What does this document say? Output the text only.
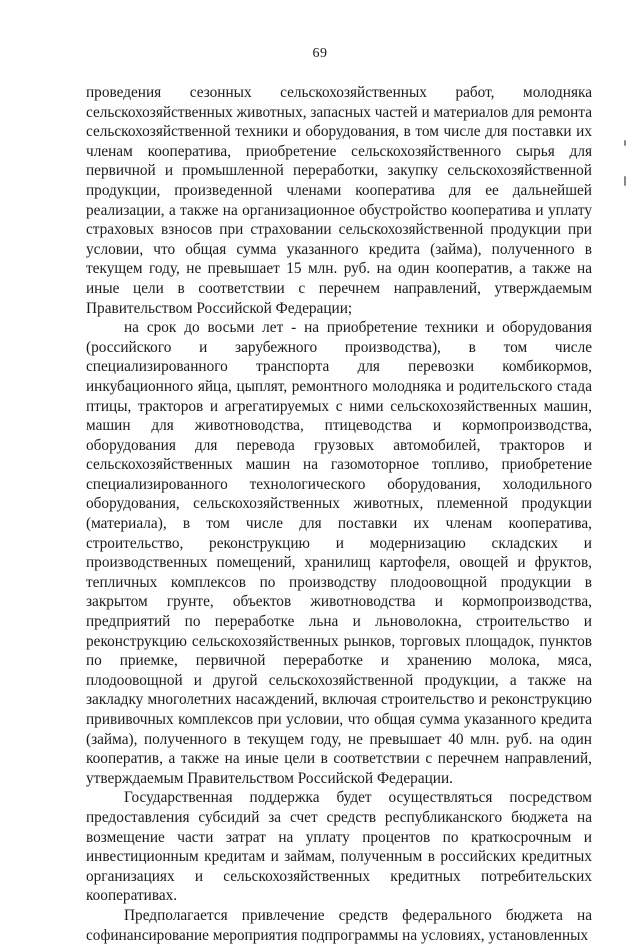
69

проведения сезонных сельскохозяйственных работ, молодняка сельскохозяйственных животных, запасных частей и материалов для ремонта сельскохозяйственной техники и оборудования, в том числе для поставки их членам кооператива, приобретение сельскохозяйственного сырья для первичной и промышленной переработки, закупку сельскохозяйственной продукции, произведенной членами кооператива для ее дальнейшей реализации, а также на организационное обустройство кооператива и уплату страховых взносов при страховании сельскохозяйственной продукции при условии, что общая сумма указанного кредита (займа), полученного в текущем году, не превышает 15 млн. руб. на один кооператив, а также на иные цели в соответствии с перечнем направлений, утверждаемым Правительством Российской Федерации;

на срок до восьми лет - на приобретение техники и оборудования (российского и зарубежного производства), в том числе специализированного транспорта для перевозки комбикормов, инкубационного яйца, цыплят, ремонтного молодняка и родительского стада птицы, тракторов и агрегатируемых с ними сельскохозяйственных машин, машин для животноводства, птицеводства и кормопроизводства, оборудования для перевода грузовых автомобилей, тракторов и сельскохозяйственных машин на газомоторное топливо, приобретение специализированного технологического оборудования, холодильного оборудования, сельскохозяйственных животных, племенной продукции (материала), в том числе для поставки их членам кооператива, строительство, реконструкцию и модернизацию складских и производственных помещений, хранилищ картофеля, овощей и фруктов, тепличных комплексов по производству плодоовощной продукции в закрытом грунте, объектов животноводства и кормопроизводства, предприятий по переработке льна и льноволокна, строительство и реконструкцию сельскохозяйственных рынков, торговых площадок, пунктов по приемке, первичной переработке и хранению молока, мяса, плодоовощной и другой сельскохозяйственной продукции, а также на закладку многолетних насаждений, включая строительство и реконструкцию прививочных комплексов при условии, что общая сумма указанного кредита (займа), полученного в текущем году, не превышает 40 млн. руб. на один кооператив, а также на иные цели в соответствии с перечнем направлений, утверждаемым Правительством Российской Федерации.

Государственная поддержка будет осуществляться посредством предоставления субсидий за счет средств республиканского бюджета на возмещение части затрат на уплату процентов по краткосрочным и инвестиционным кредитам и займам, полученным в российских кредитных организациях и сельскохозяйственных кредитных потребительских кооперативах.

Предполагается привлечение средств федерального бюджета на софинансирование мероприятия подпрограммы на условиях, установленных
